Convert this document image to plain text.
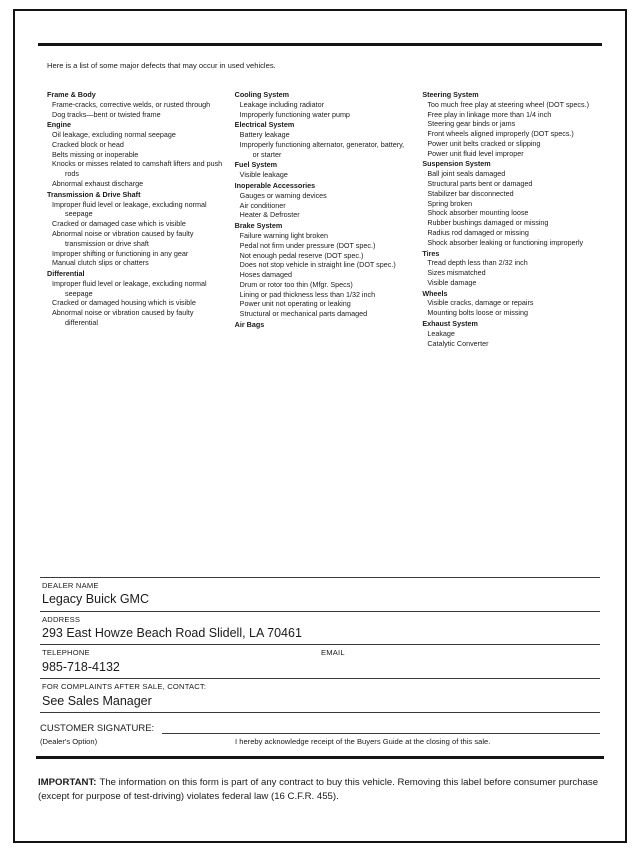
Here is a list of some major defects that may occur in used vehicles.
Frame & Body
Frame-cracks, corrective welds, or rusted through
Dog tracks—bent or twisted frame
Engine
Oil leakage, excluding normal seepage
Cracked block or head
Belts missing or inoperable
Knocks or misses related to camshaft lifters and push rods
Abnormal exhaust discharge
Transmission & Drive Shaft
Improper fluid level or leakage, excluding normal seepage
Cracked or damaged case which is visible
Abnormal noise or vibration caused by faulty transmission or drive shaft
Improper shifting or functioning in any gear
Manual clutch slips or chatters
Differential
Improper fluid level or leakage, excluding normal seepage
Cracked or damaged housing which is visible
Abnormal noise or vibration caused by faulty differential
Cooling System
Leakage including radiator
Improperly functioning water pump
Electrical System
Battery leakage
Improperly functioning alternator, generator, battery, or starter
Fuel System
Visible leakage
Inoperable Accessories
Gauges or warning devices
Air conditioner
Heater & Defroster
Brake System
Failure warning light broken
Pedal not firm under pressure (DOT spec.)
Not enough pedal reserve (DOT spec.)
Does not stop vehicle in straight line (DOT spec.)
Hoses damaged
Drum or rotor too thin (Mfgr. Specs)
Lining or pad thickness less than 1/32 inch
Power unit not operating or leaking
Structural or mechanical parts damaged
Air Bags
Steering System
Too much free play at steering wheel (DOT specs.)
Free play in linkage more than 1/4 inch
Steering gear binds or jams
Front wheels aligned improperly (DOT specs.)
Power unit belts cracked or slipping
Power unit fluid level improper
Suspension System
Ball joint seals damaged
Structural parts bent or damaged
Stabilizer bar disconnected
Spring broken
Shock absorber mounting loose
Rubber bushings damaged or missing
Radius rod damaged or missing
Shock absorber leaking or functioning improperly
Tires
Tread depth less than 2/32 inch
Sizes mismatched
Visible damage
Wheels
Visible cracks, damage or repairs
Mounting bolts loose or missing
Exhaust System
Leakage
Catalytic Converter
DEALER NAME
Legacy Buick GMC
ADDRESS
293 East Howze Beach Road Slidell, LA 70461
TELEPHONE
985-718-4132
EMAIL
FOR COMPLAINTS AFTER SALE, CONTACT:
See Sales Manager
CUSTOMER SIGNATURE:
(Dealer's Option)	I hereby acknowledge receipt of the Buyers Guide at the closing of this sale.

IMPORTANT: The information on this form is part of any contract to buy this vehicle. Removing this label before consumer purchase (except for purpose of test-driving) violates federal law (16 C.F.R. 455).
